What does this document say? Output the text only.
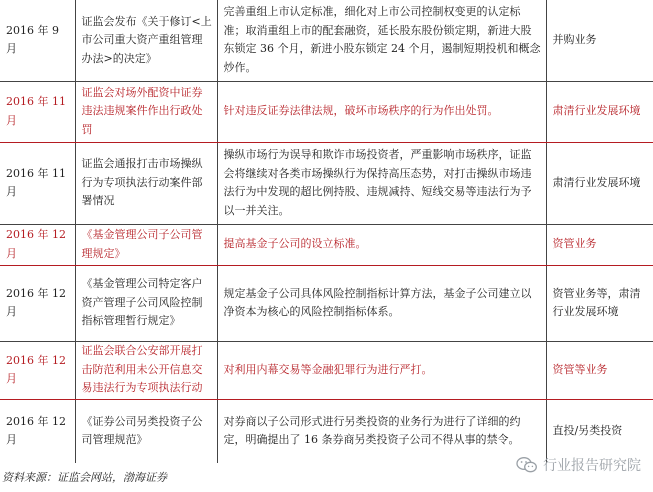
2016 年 9 月	证监会发布《关于修订<上市公司重大资产重组管理办法>的决定》	完善重组上市认定标准，细化对上市公司控制权变更的认定标准；取消重组上市的配套融资，延长股东股份锁定期，新进大股东锁定 36 个月，新进小股东锁定 24 个月，遏制短期投机和概念炒作。	并购业务
2016 年 11 月	证监会对场外配资中证券违法违规案件作出行政处罚	针对违反证券法律法规，破坏市场秩序的行为作出处罚。	肃清行业发展环境
2016 年 11 月	证监会通报打击市场操纵行为专项执法行动案件部署情况	操纵市场行为误导和欺诈市场投资者，严重影响市场秩序，证监会将继续对各类市场操纵行为保持高压态势，对打击操纵市场违法行为中发现的超比例持股、违规减持、短线交易等违法行为予以一并关注。	肃清行业发展环境
2016 年 12 月	《基金管理公司子公司管理规定》	提高基金子公司的设立标准。	资管业务
2016 年 12 月	《基金管理公司特定客户资产管理子公司风险控制指标管理暂行规定》	规定基金子公司具体风险控制指标计算方法，基金子公司建立以净资本为核心的风险控制指标体系。	资管业务等，肃清行业发展环境
2016 年 12 月	证监会联合公安部开展打击防范利用未公开信息交易违法行为专项执法行动	对利用内幕交易等金融犯罪行为进行严打。	资管等业务
2016 年 12 月	《证券公司另类投资子公司管理规范》	对券商以子公司形式进行另类投资的业务行为进行了详细的约定，明确提出了 16 条券商另类投资子公司不得从事的禁令。	直投/另类投资
资料来源：证监会网站，渤海证券
行业报告研究院
